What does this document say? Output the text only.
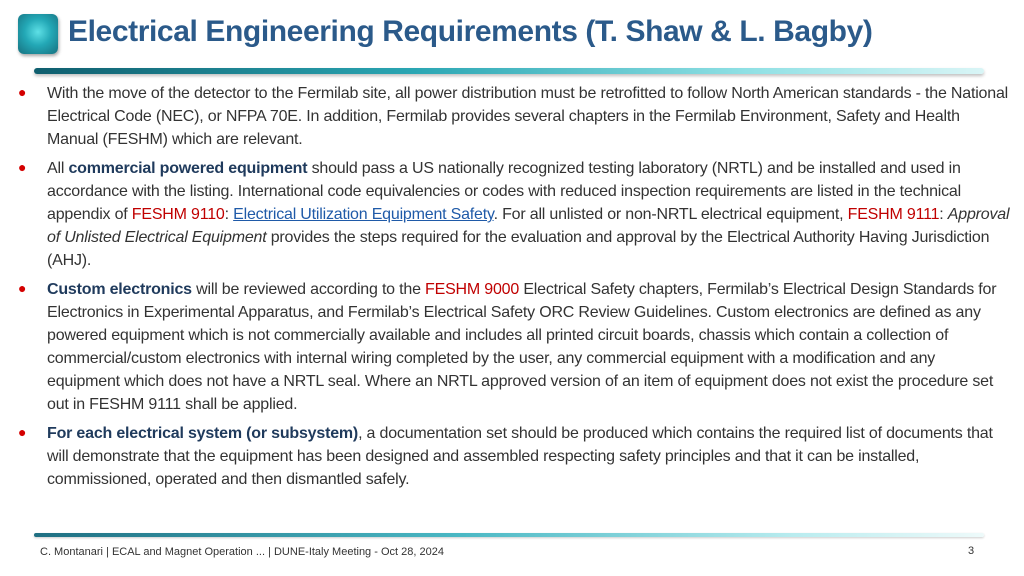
Electrical Engineering Requirements (T. Shaw & L. Bagby)
● With the move of the detector to the Fermilab site, all power distribution must be retrofitted to follow North American standards - the National Electrical Code (NEC), or NFPA 70E. In addition, Fermilab provides several chapters in the Fermilab Environment, Safety and Health Manual (FESHM) which are relevant.
● All commercial powered equipment should pass a US nationally recognized testing laboratory (NRTL) and be installed and used in accordance with the listing. International code equivalencies or codes with reduced inspection requirements are listed in the technical appendix of FESHM 9110: Electrical Utilization Equipment Safety. For all unlisted or non-NRTL electrical equipment, FESHM 9111: Approval of Unlisted Electrical Equipment provides the steps required for the evaluation and approval by the Electrical Authority Having Jurisdiction (AHJ).
● Custom electronics will be reviewed according to the FESHM 9000 Electrical Safety chapters, Fermilab’s Electrical Design Standards for Electronics in Experimental Apparatus, and Fermilab’s Electrical Safety ORC Review Guidelines. Custom electronics are defined as any powered equipment which is not commercially available and includes all printed circuit boards, chassis which contain a collection of commercial/custom electronics with internal wiring completed by the user, any commercial equipment with a modification and any equipment which does not have a NRTL seal. Where an NRTL approved version of an item of equipment does not exist the procedure set out in FESHM 9111 shall be applied.
● For each electrical system (or subsystem), a documentation set should be produced which contains the required list of documents that will demonstrate that the equipment has been designed and assembled respecting safety principles and that it can be installed, commissioned, operated and then dismantled safely.
C. Montanari | ECAL and Magnet Operation ... | DUNE-Italy Meeting - Oct 28, 2024	3
